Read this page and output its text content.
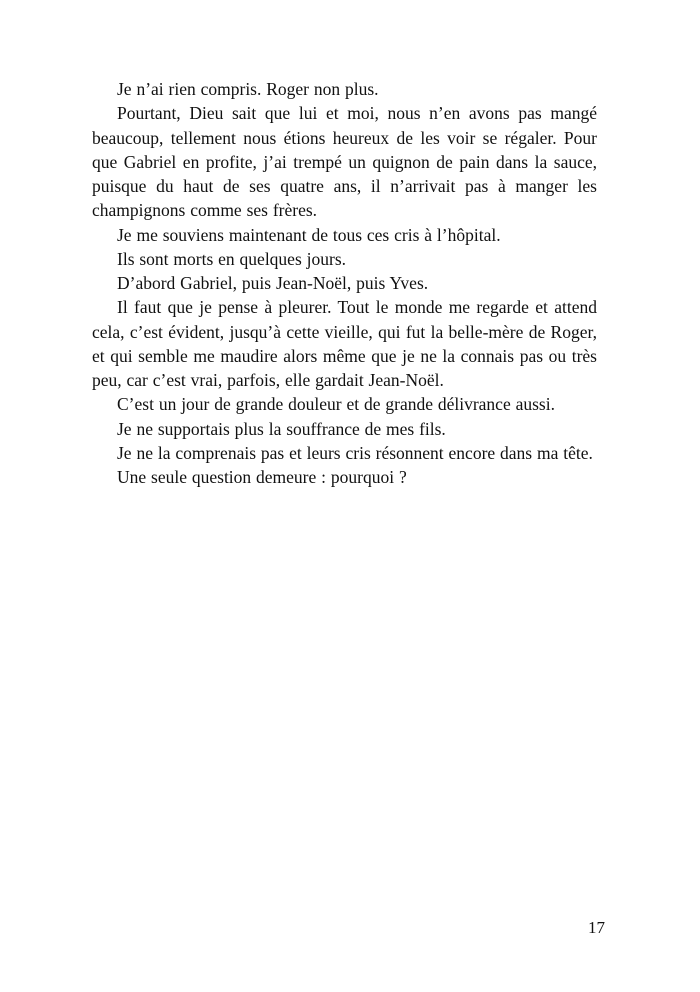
Je n’ai rien compris. Roger non plus.

Pourtant, Dieu sait que lui et moi, nous n’en avons pas mangé beaucoup, tellement nous étions heureux de les voir se régaler. Pour que Gabriel en profite, j’ai trempé un quignon de pain dans la sauce, puisque du haut de ses quatre ans, il n’arrivait pas à manger les champignons comme ses frères.

Je me souviens maintenant de tous ces cris à l’hôpital.

Ils sont morts en quelques jours.

D’abord Gabriel, puis Jean-Noël, puis Yves.

Il faut que je pense à pleurer. Tout le monde me regarde et attend cela, c’est évident, jusqu’à cette vieille, qui fut la belle-mère de Roger, et qui semble me maudire alors même que je ne la connais pas ou très peu, car c’est vrai, parfois, elle gardait Jean-Noël.

C’est un jour de grande douleur et de grande délivrance aussi.

Je ne supportais plus la souffrance de mes fils.

Je ne la comprenais pas et leurs cris résonnent encore dans ma tête.

Une seule question demeure : pourquoi ?

17
